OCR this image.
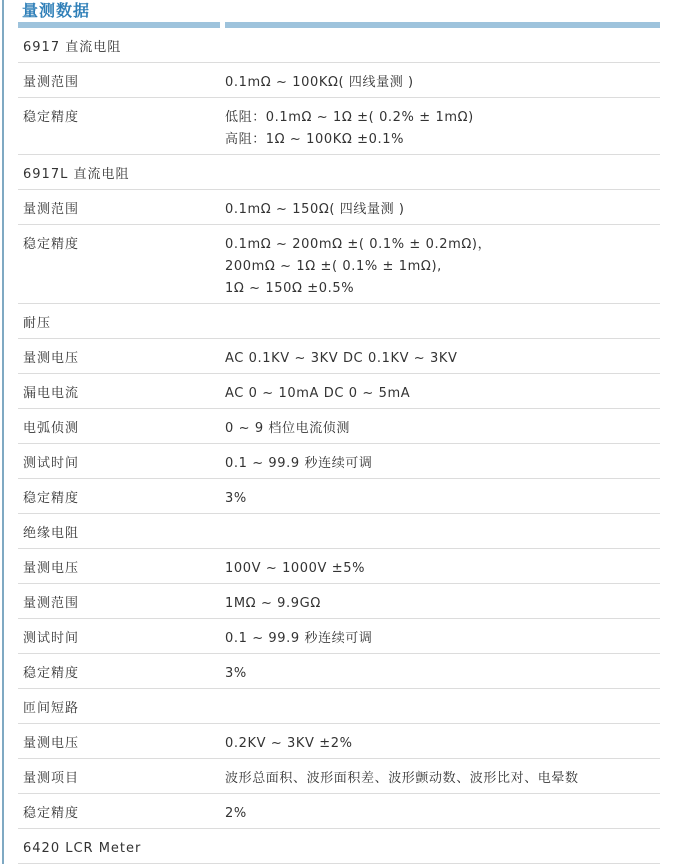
量测数据
6917 直流电阻
量测范围	0.1mΩ ~ 100KΩ( 四线量测 )
稳定精度	低阻：0.1mΩ ~ 1Ω ±( 0.2% ± 1mΩ)
高阻：1Ω ~ 100KΩ ±0.1%
6917L 直流电阻
量测范围	0.1mΩ ~ 150Ω( 四线量测 )
稳定精度	0.1mΩ ~ 200mΩ ±( 0.1% ± 0.2mΩ)，
200mΩ ~ 1Ω ±( 0.1% ± 1mΩ),
1Ω ~ 150Ω ±0.5%
耐压
量测电压	AC 0.1KV ~ 3KV DC 0.1KV ~ 3KV
漏电电流	AC 0 ~ 10mA DC 0 ~ 5mA
电弧侦测	0 ~ 9 档位电流侦测
测试时间	0.1 ~ 99.9 秒连续可调
稳定精度	3%
绝缘电阻
量测电压	100V ~ 1000V ±5%
量测范围	1MΩ ~ 9.9GΩ
测试时间	0.1 ~ 99.9 秒连续可调
稳定精度	3%
匝间短路
量测电压	0.2KV ~ 3KV ±2%
量测项目	波形总面积、波形面积差、波形颤动数、波形比对、电晕数
稳定精度	2%
6420 LCR Meter
